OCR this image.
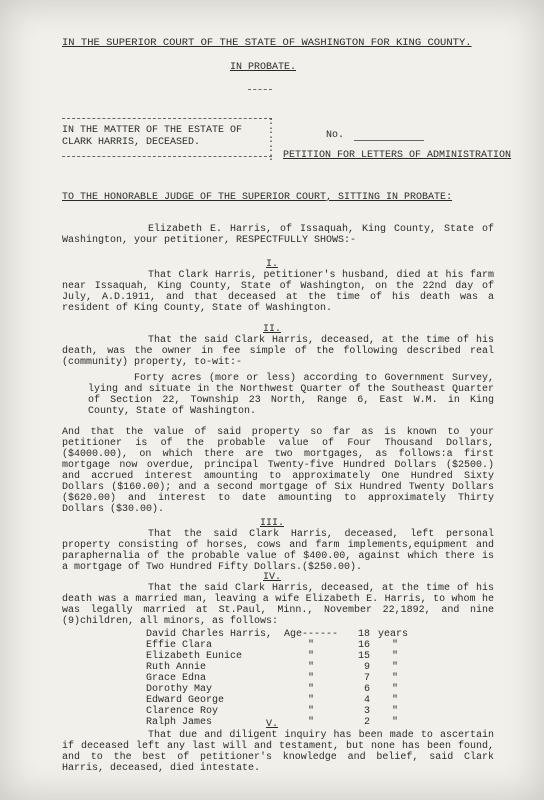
IN THE SUPERIOR COURT OF THE STATE OF WASHINGTON FOR KING COUNTY.
IN PROBATE.
IN THE MATTER OF THE ESTATE OF
CLARK HARRIS, DECEASED.
:
:
:
:
:
No.
PETITION FOR LETTERS OF ADMINISTRATION
TO THE HONORABLE JUDGE OF THE SUPERIOR COURT, SITTING IN PROBATE:
Elizabeth E. Harris, of Issaquah, King County, State of Washington, your petitioner, RESPECTFULLY SHOWS:-
I.
That Clark Harris, petitioner's husband, died at his farm near Issaquah, King County, State of Washington, on the 22nd day of July, A.D.1911, and that deceased at the time of his death was a resident of King County, State of Washington.
II.
That the said Clark Harris, deceased, at the time of his death, was the owner in fee simple of the following described real (community) property, to-wit:-
Forty acres (more or less) according to Government Survey, lying and situate in the Northwest Quarter of the Southeast Quarter of Section 22, Township 23 North, Range 6, East W.M. in King County, State of Washington.
And that the value of said property so far as is known to your petitioner is of the probable value of Four Thousand Dollars, ($4000.00), on which there are two mortgages, as follows:a first mortgage now overdue, principal Twenty-five Hundred Dollars ($2500.) and accrued interest amounting to approximately One Hundred Sixty Dollars ($160.00); and a second mortgage of Six Hundred Twenty Dollars ($620.00) and interest to date amounting to approximately Thirty Dollars ($30.00).
III.
That the said Clark Harris, deceased, left personal property consisting of horses, cows and farm implements,equipment and paraphernalia of the probable value of $400.00, against which there is a mortgage of Two Hundred Fifty Dollars.($250.00).
IV.
That the said Clark Harris, deceased, at the time of his death was a married man, leaving a wife Elizabeth E. Harris, to whom he was legally married at St.Paul, Minn., November 22,1892, and nine (9)children, all minors, as follows:
David Charles Harris, Age------ 18 years
Effie Clara	"	16 "
Elizabeth Eunice	"	15 "
Ruth Annie	"	9 "
Grace Edna	"	7 "
Dorothy May	"	6 "
Edward George	"	4 "
Clarence Roy	"	3 "
Ralph James	"	2 "
V.
That due and diligent inquiry has been made to ascertain if deceased left any last will and testament, but none has been found, and to the best of petitioner's knowledge and belief, said Clark Harris, deceased, died intestate.
